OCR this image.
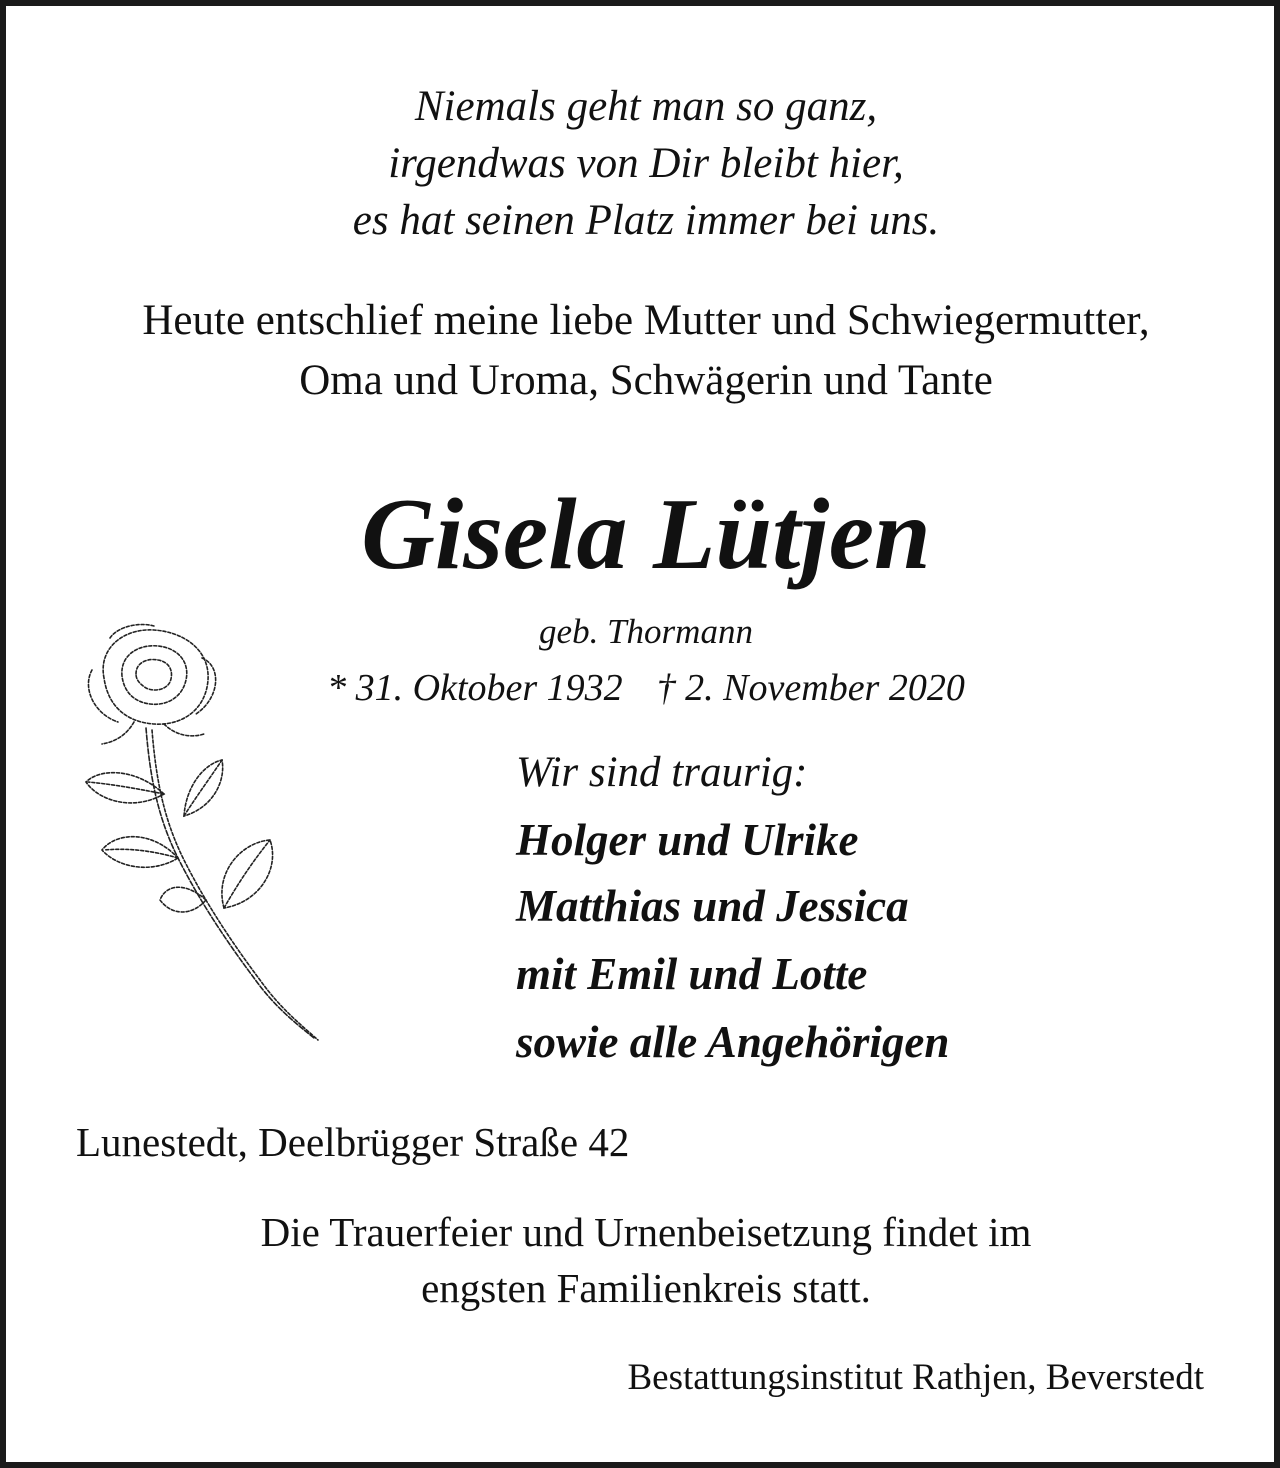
Niemals geht man so ganz,
irgendwas von Dir bleibt hier,
es hat seinen Platz immer bei uns.
Heute entschlief meine liebe Mutter und Schwiegermutter,
Oma und Uroma, Schwägerin und Tante
Gisela Lütjen
geb. Thormann
* 31. Oktober 1932 † 2. November 2020
Wir sind traurig:
Holger und Ulrike
Matthias und Jessica
mit Emil und Lotte
sowie alle Angehörigen
Lunestedt, Deelbrügger Straße 42
Die Trauerfeier und Urnenbeisetzung findet im
engsten Familienkreis statt.
Bestattungsinstitut Rathjen, Beverstedt
